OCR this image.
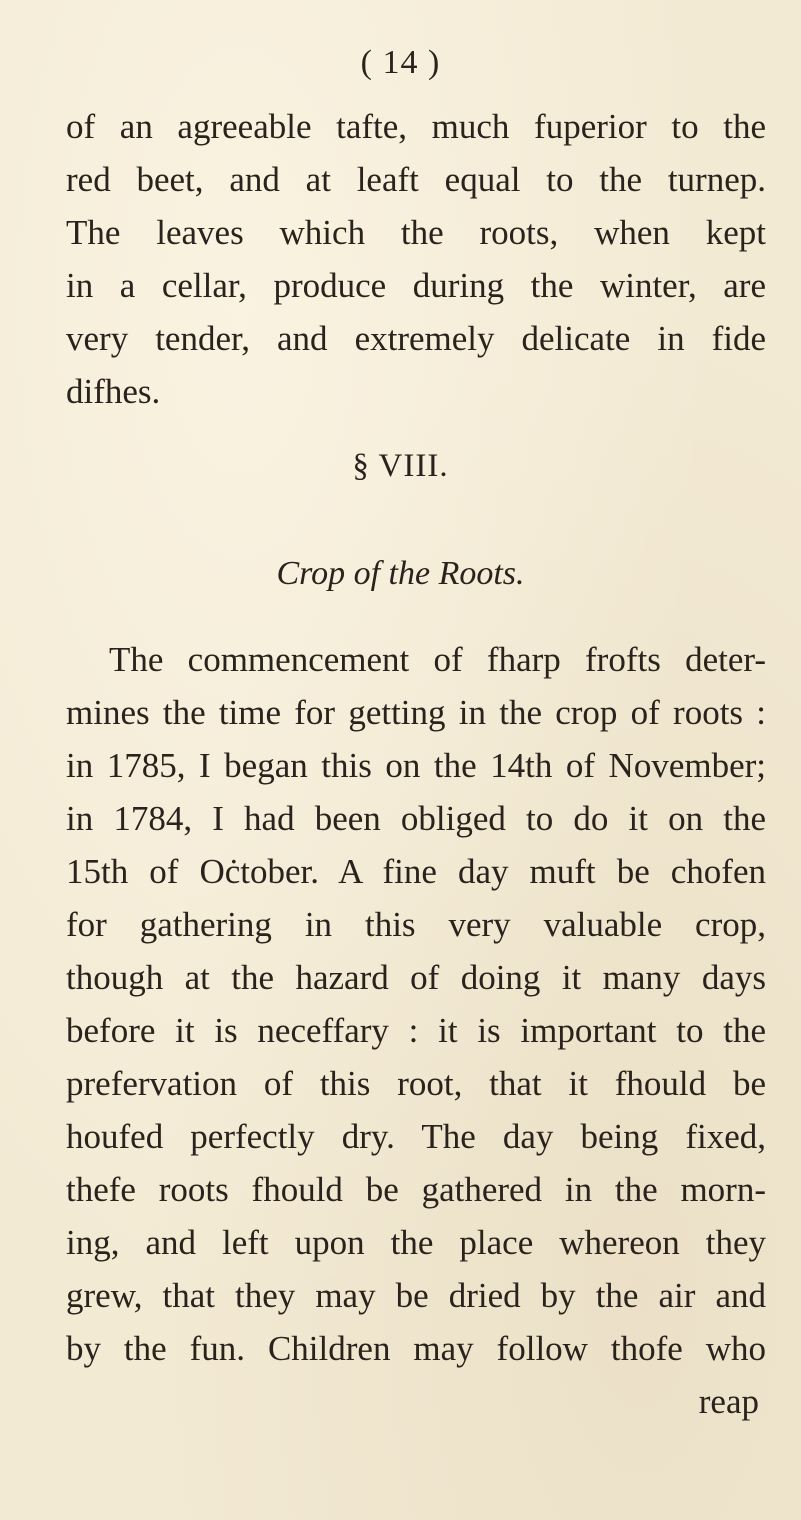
( 14 )
of an agreeable tafte, much fuperior to the
red beet, and at leaft equal to the turnep.
The leaves which the roots, when kept
in a cellar, produce during the winter, are
very tender, and extremely delicate in fide
difhes.
§ VIII.
Crop of the Roots.
The commencement of fharp frofts deter-
mines the time for getting in the crop of roots :
in 1785, I began this on the 14th of November;
in 1784, I had been obliged to do it on the
15th of Oċtober. A fine day muft be chofen
for gathering in this very valuable crop,
though at the hazard of doing it many days
before it is neceffary : it is important to the
prefervation of this root, that it fhould be
houfed perfectly dry. The day being fixed,
thefe roots fhould be gathered in the morn-
ing, and left upon the place whereon they
grew, that they may be dried by the air and
by the fun. Children may follow thofe who
reap
